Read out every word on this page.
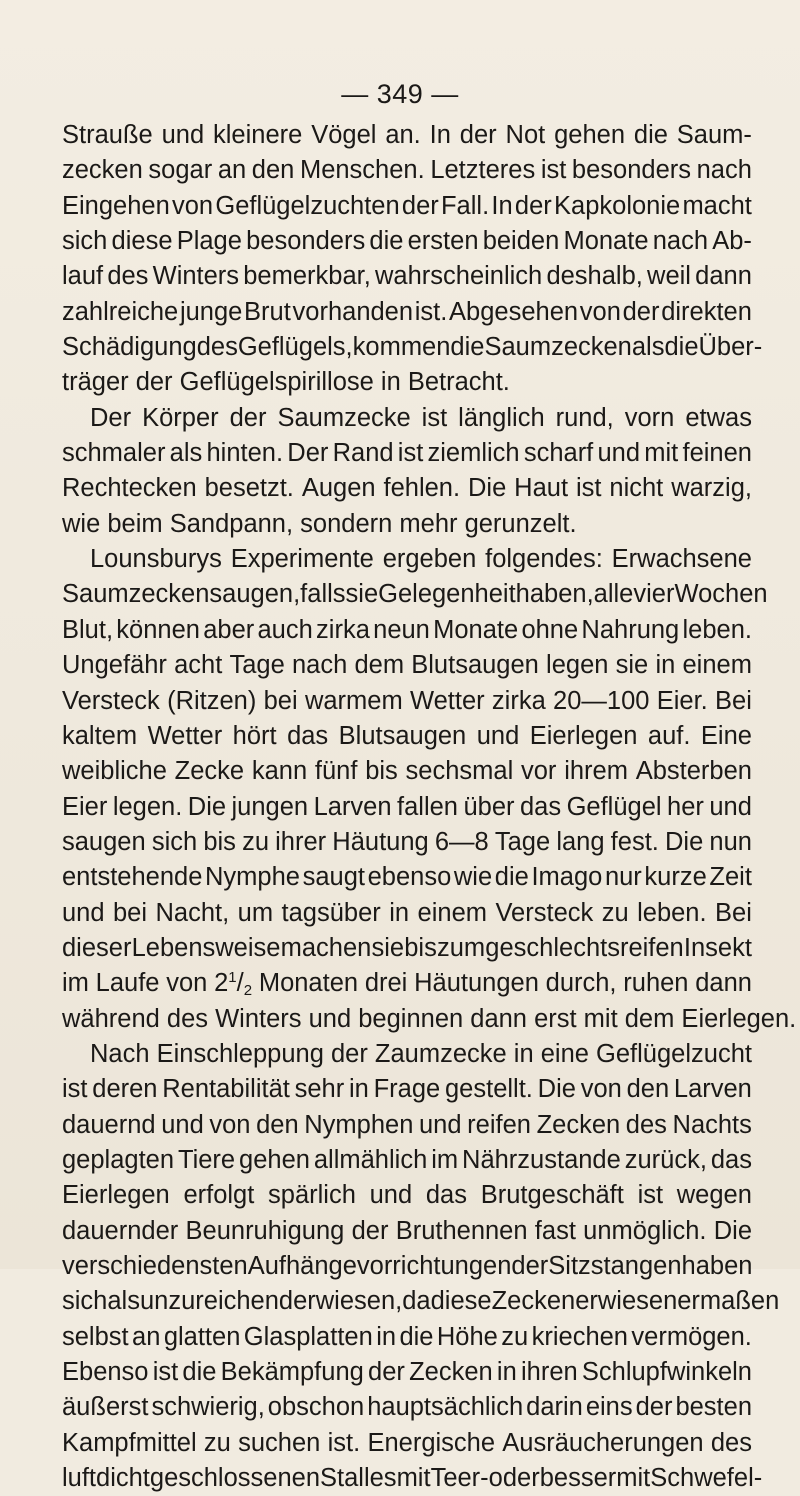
— 349 —
Strauße und kleinere Vögel an. In der Not gehen die Saum-
zecken sogar an den Menschen. Letzteres ist besonders nach
Eingehen von Geflügelzuchten der Fall. In der Kapkolonie macht
sich diese Plage besonders die ersten beiden Monate nach Ab-
lauf des Winters bemerkbar, wahrscheinlich deshalb, weil dann
zahlreiche junge Brut vorhanden ist. Abgesehen von der direkten
Schädigung des Geflügels, kommen die Saumzecken als die Über-
träger der Geflügelspirillose in Betracht.
Der Körper der Saumzecke ist länglich rund, vorn etwas
schmaler als hinten. Der Rand ist ziemlich scharf und mit feinen
Rechtecken besetzt. Augen fehlen. Die Haut ist nicht warzig,
wie beim Sandpann, sondern mehr gerunzelt.
Lounsburys Experimente ergeben folgendes: Erwachsene
Saumzecken saugen, falls sie Gelegenheit haben, alle vier Wochen
Blut, können aber auch zirka neun Monate ohne Nahrung leben.
Ungefähr acht Tage nach dem Blutsaugen legen sie in einem
Versteck (Ritzen) bei warmem Wetter zirka 20—100 Eier. Bei
kaltem Wetter hört das Blutsaugen und Eierlegen auf. Eine
weibliche Zecke kann fünf bis sechsmal vor ihrem Absterben
Eier legen. Die jungen Larven fallen über das Geflügel her und
saugen sich bis zu ihrer Häutung 6—8 Tage lang fest. Die nun
entstehende Nymphe saugt ebenso wie die Imago nur kurze Zeit
und bei Nacht, um tagsüber in einem Versteck zu leben. Bei
dieser Lebensweise machen sie bis zum geschlechtsreifen Insekt
im Laufe von $2^1/_2$ Monaten drei Häutungen durch, ruhen dann
während des Winters und beginnen dann erst mit dem Eierlegen.
Nach Einschleppung der Zaumzecke in eine Geflügelzucht
ist deren Rentabilität sehr in Frage gestellt. Die von den Larven
dauernd und von den Nymphen und reifen Zecken des Nachts
geplagten Tiere gehen allmählich im Nährzustande zurück, das
Eierlegen erfolgt spärlich und das Brutgeschäft ist wegen
dauernder Beunruhigung der Bruthennen fast unmöglich. Die
verschiedensten Aufhängevorrichtungen der Sitzstangen haben
sich als unzureichend erwiesen, da diese Zecken erwiesenermaßen
selbst an glatten Glasplatten in die Höhe zu kriechen vermögen.
Ebenso ist die Bekämpfung der Zecken in ihren Schlupfwinkeln
äußerst schwierig, obschon hauptsächlich darin eins der besten
Kampfmittel zu suchen ist. Energische Ausräucherungen des
luftdicht geschlossenen Stalles mit Teer- oder besser mit Schwefel-
